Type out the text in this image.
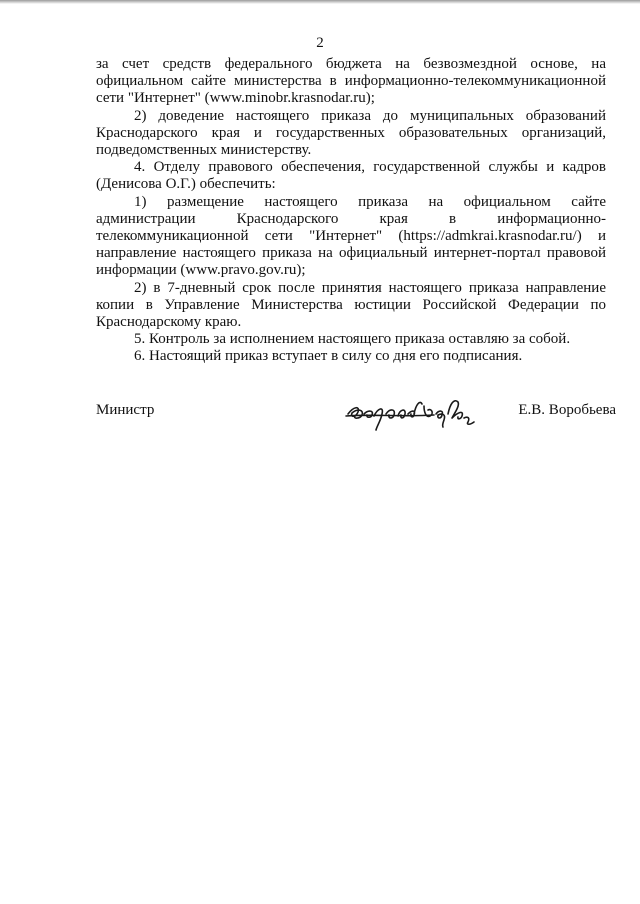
2

за счет средств федерального бюджета на безвозмездной основе, на официальном сайте министерства в информационно-телекоммуникационной сети "Интернет" (www.minobr.krasnodar.ru);

2) доведение настоящего приказа до муниципальных образований Краснодарского края и государственных образовательных организаций, подведомственных министерству.

4. Отделу правового обеспечения, государственной службы и кадров (Денисова О.Г.) обеспечить:

1) размещение настоящего приказа на официальном сайте администрации Краснодарского края в информационно-телекоммуникационной сети "Интернет" (https://admkrai.krasnodar.ru/) и направление настоящего приказа на официальный интернет-портал правовой информации (www.pravo.gov.ru);

2) в 7-дневный срок после принятия настоящего приказа направление копии в Управление Министерства юстиции Российской Федерации по Краснодарскому краю.

5. Контроль за исполнением настоящего приказа оставляю за собой.

6. Настоящий приказ вступает в силу со дня его подписания.

Министр	Е.В. Воробьева
